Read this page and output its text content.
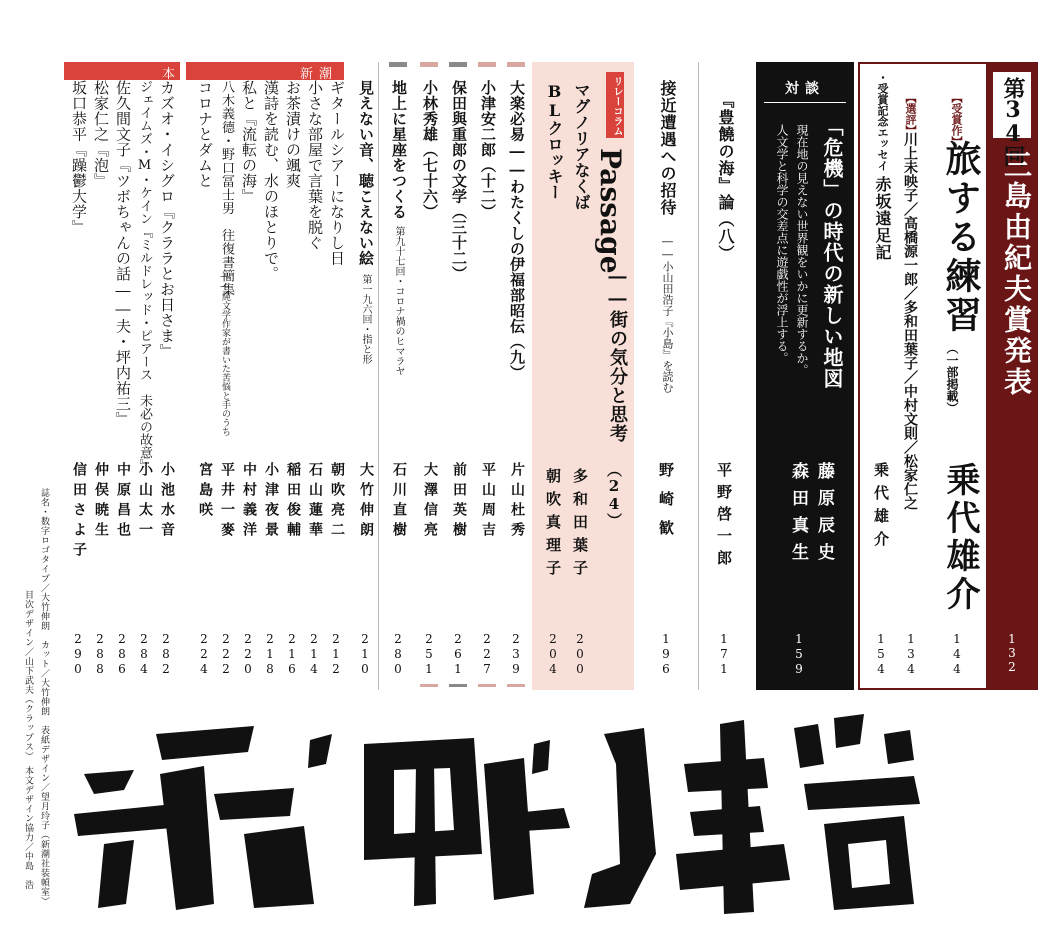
第34回
三島由紀夫賞発表
132
【受賞作】
旅する練習
（一部掲載）
乗代雄介
144
【選評】
川上未映子／高橋源一郎／多和田葉子／中村文則／松家仁之
134
・受賞記念エッセイ
赤坂遠足記
乗代雄介
154
対談
「危機」の時代の新しい地図
現在地の見えない世界観をいかに更新するか。
人文学と科学の交差点に遊戯性が浮上する。
藤原辰史
森田真生
159
『豊饒の海』論（八）
平野啓一郎
171
接近遭遇への招待
――小山田浩子『小島』を読む
野崎歓
196
リレーコラム
Passage
――街の気分と思考
（24）
マグノリアなくば
BLクロッキー
多和田葉子
朝吹真理子
200
204
大楽必易――わたくしの伊福部昭伝（九）
片山杜秀
239
小津安二郎（十二）
平山周吉
227
保田與重郎の文学（三十二）
前田英樹
261
小林秀雄（七十六）
大澤信亮
251
地上に星座をつくる
第九十七回・コロナ禍のヒマラヤ
石川直樹
280
見えない音、聴こえない絵
第一九六回・指と形
大竹伸朗
210
新潮
ギタールシアーになりし日
朝吹亮二
212
小さな部屋で言葉を脱ぐ
石山蓮華
214
お茶漬けの颯爽
稲田俊輔
216
漢詩を読む、水のほとりで。
小津夜景
218
私と『流転の海』
中村義洋
220
八木義德・野口冨士男　往復書簡集
――純文学作家が書いた苦悩と手のうち
平井一麥
222
コロナとダムと
宮島咲
224
本
カズオ・イシグロ『クララとお日さま』
小池水音
282
ジェイムズ・M・ケイン『ミルドレッド・ピアース　未必の故意』
小山太一
284
佐久間文子『ツボちゃんの話――夫・坪内祐三』
中原昌也
286
松家仁之『泡』
仲俣暁生
288
坂口恭平『躁鬱大学』
信田さよ子
290
誌名・数字ロゴタイプ／大竹伸朗　カット／大竹伸朗　表紙デザイン／望月玲子（新潮社装幀室）
目次デザイン／山下武夫（クラップス）　本文デザイン協力／中島　浩
